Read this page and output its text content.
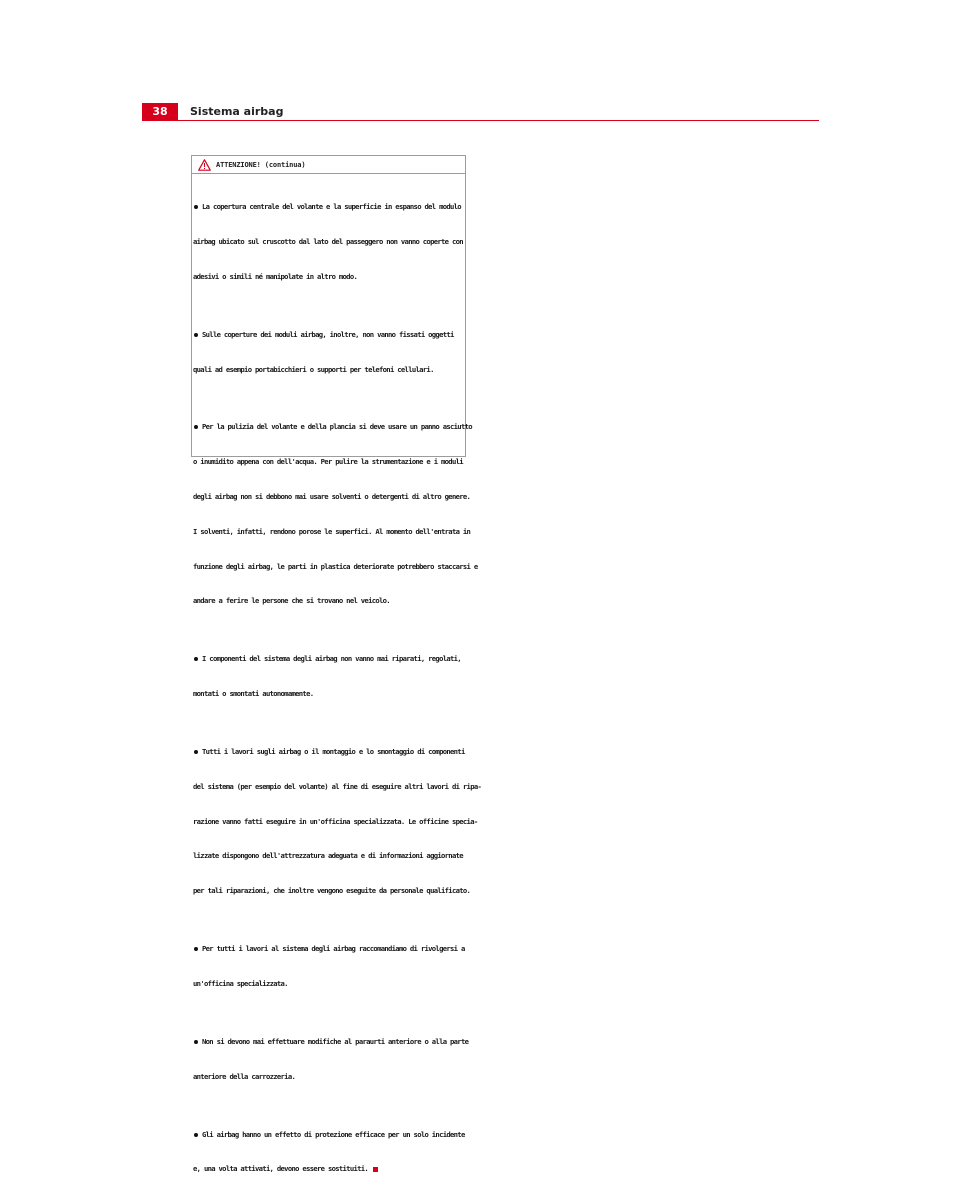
38	Sistema airbag
ATTENZIONE! (continua)

La copertura centrale del volante e la superficie in espanso del modulo

airbag ubicato sul cruscotto dal lato del passeggero non vanno coperte con

adesivi o simili né manipolate in altro modo.

Sulle coperture dei moduli airbag, inoltre, non vanno fissati oggetti

quali ad esempio portabicchieri o supporti per telefoni cellulari.

Per la pulizia del volante e della plancia si deve usare un panno asciutto

o inumidito appena con dell'acqua. Per pulire la strumentazione e i moduli

degli airbag non si debbono mai usare solventi o detergenti di altro genere.

I solventi, infatti, rendono porose le superfici. Al momento dell'entrata in

funzione degli airbag, le parti in plastica deteriorate potrebbero staccarsi e

andare a ferire le persone che si trovano nel veicolo.

I componenti del sistema degli airbag non vanno mai riparati, regolati,

montati o smontati autonomamente.

Tutti i lavori sugli airbag o il montaggio e lo smontaggio di componenti

del sistema (per esempio del volante) al fine di eseguire altri lavori di ripa-

razione vanno fatti eseguire in un'officina specializzata. Le officine specia-

lizzate dispongono dell'attrezzatura adeguata e di informazioni aggiornate

per tali riparazioni, che inoltre vengono eseguite da personale qualificato.

Per tutti i lavori al sistema degli airbag raccomandiamo di rivolgersi a

un'officina specializzata.

Non si devono mai effettuare modifiche al paraurti anteriore o alla parte

anteriore della carrozzeria.

Gli airbag hanno un effetto di protezione efficace per un solo incidente

e, una volta attivati, devono essere sostituiti.
